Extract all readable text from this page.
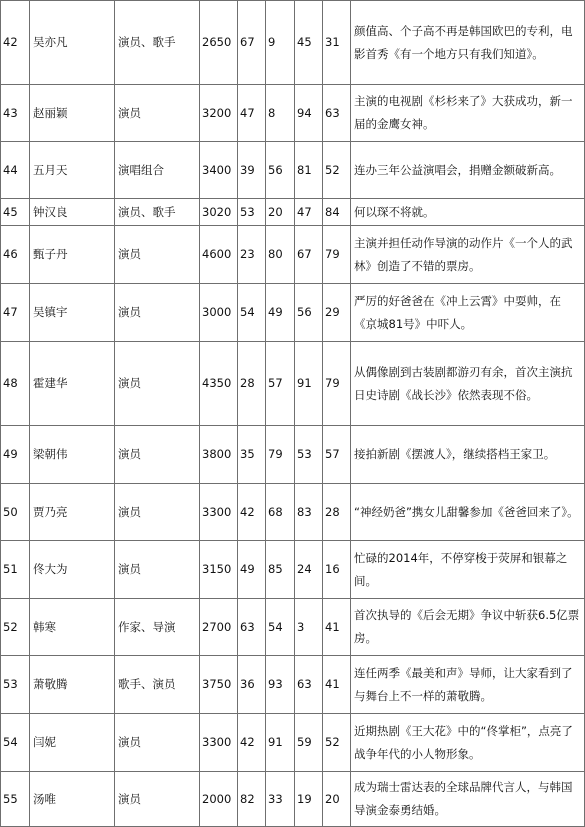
42	吴亦凡	演员、歌手	2650	67	9	45	31	颜值高、个子高不再是韩国欧巴的专利，电影首秀《有一个地方只有我们知道》。
43	赵丽颖	演员	3200	47	8	94	63	主演的电视剧《杉杉来了》大获成功，新一届的金鹰女神。
44	五月天	演唱组合	3400	39	56	81	52	连办三年公益演唱会，捐赠金额破新高。
45	钟汉良	演员、歌手	3020	53	20	47	84	何以琛不将就。
46	甄子丹	演员	4600	23	80	67	79	主演并担任动作导演的动作片《一个人的武林》创造了不错的票房。
47	吴镇宇	演员	3000	54	49	56	29	严厉的好爸爸在《冲上云霄》中耍帅，在《京城81号》中吓人。
48	霍建华	演员	4350	28	57	91	79	从偶像剧到古装剧都游刃有余，首次主演抗日史诗剧《战长沙》依然表现不俗。
49	梁朝伟	演员	3800	35	79	53	57	接拍新剧《摆渡人》，继续搭档王家卫。
50	贾乃亮	演员	3300	42	68	83	28	“神经奶爸”携女儿甜馨参加《爸爸回来了》。
51	佟大为	演员	3150	49	85	24	16	忙碌的2014年，不停穿梭于荧屏和银幕之间。
52	韩寒	作家、导演	2700	63	54	3	41	首次执导的《后会无期》争议中斩获6.5亿票房。
53	萧敬腾	歌手、演员	3750	36	93	63	41	连任两季《最美和声》导师，让大家看到了与舞台上不一样的萧敬腾。
54	闫妮	演员	3300	42	91	59	52	近期热剧《王大花》中的“佟掌柜”，点亮了战争年代的小人物形象。
55	汤唯	演员	2000	82	33	19	20	成为瑞士雷达表的全球品牌代言人，与韩国导演金泰勇结婚。
